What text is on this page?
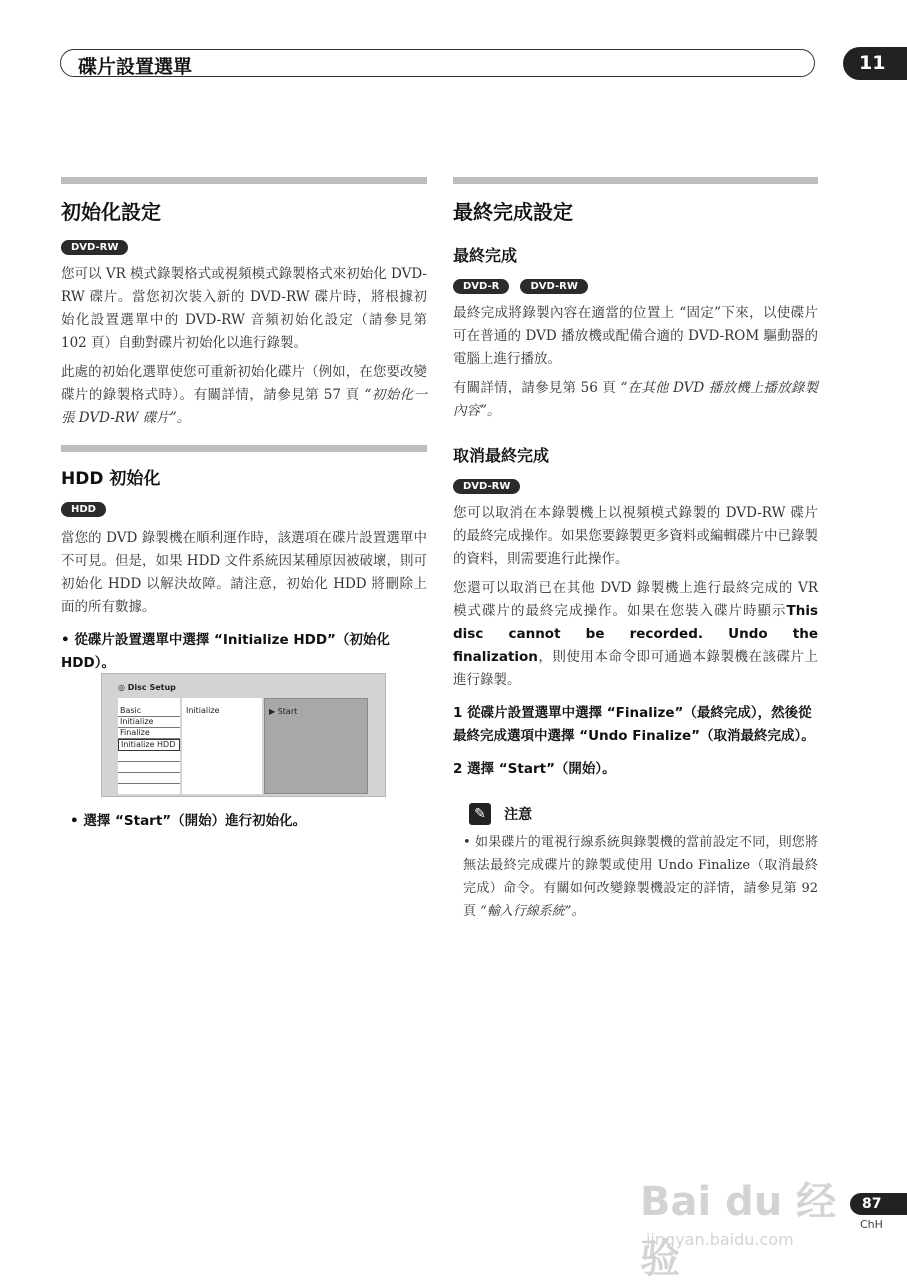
碟片設置選單	11
初始化設定
DVD-RW
您可以 VR 模式錄製格式或視頻模式錄製格式來初始化 DVD-RW 碟片。當您初次裝入新的 DVD-RW 碟片時，將根據初始化設置選單中的 DVD-RW 音頻初始化設定（請參見第 102 頁）自動對碟片初始化以進行錄製。
此處的初始化選單使您可重新初始化碟片（例如，在您要改變碟片的錄製格式時）。有關詳情，請參見第 57 頁 “初始化一張 DVD-RW 碟片”。
HDD 初始化
HDD
當您的 DVD 錄製機在順利運作時，該選項在碟片設置選單中不可見。但是，如果 HDD 文件系統因某種原因被破壞，則可初始化 HDD 以解決故障。請注意，初始化 HDD 將刪除上面的所有數據。
• 從碟片設置選單中選擇 “Initialize HDD”（初始化 HDD）。
◎ Disc Setup
Basic
Initialize
Finalize
Initialize HDD
Initialize	▶ Start
• 選擇 “Start”（開始）進行初始化。
最終完成設定
最終完成
DVD-R	DVD-RW
最終完成將錄製內容在適當的位置上 “固定”下來，以使碟片可在普通的 DVD 播放機或配備合適的 DVD-ROM 驅動器的電腦上進行播放。
有關詳情，請參見第 56 頁 “在其他 DVD 播放機上播放錄製內容”。
取消最終完成
DVD-RW
您可以取消在本錄製機上以視頻模式錄製的 DVD-RW 碟片的最終完成操作。如果您要錄製更多資料或編輯碟片中已錄製的資料，則需要進行此操作。
您還可以取消已在其他 DVD 錄製機上進行最終完成的 VR 模式碟片的最終完成操作。如果在您裝入碟片時顯示This disc cannot be recorded. Undo the finalization，則使用本命令即可通過本錄製機在該碟片上進行錄製。
1 從碟片設置選單中選擇 “Finalize”（最終完成），然後從最終完成選項中選擇 “Undo Finalize”（取消最終完成）。
2 選擇 “Start”（開始）。
✎ 注意
• 如果碟片的電視行線系統與錄製機的當前設定不同，則您將無法最終完成碟片的錄製或使用 Undo Finalize（取消最終完成）命令。有關如何改變錄製機設定的詳情，請參見第 92 頁 “輸入行線系統”。
Bai du 经验
jingyan.baidu.com
87
ChH
